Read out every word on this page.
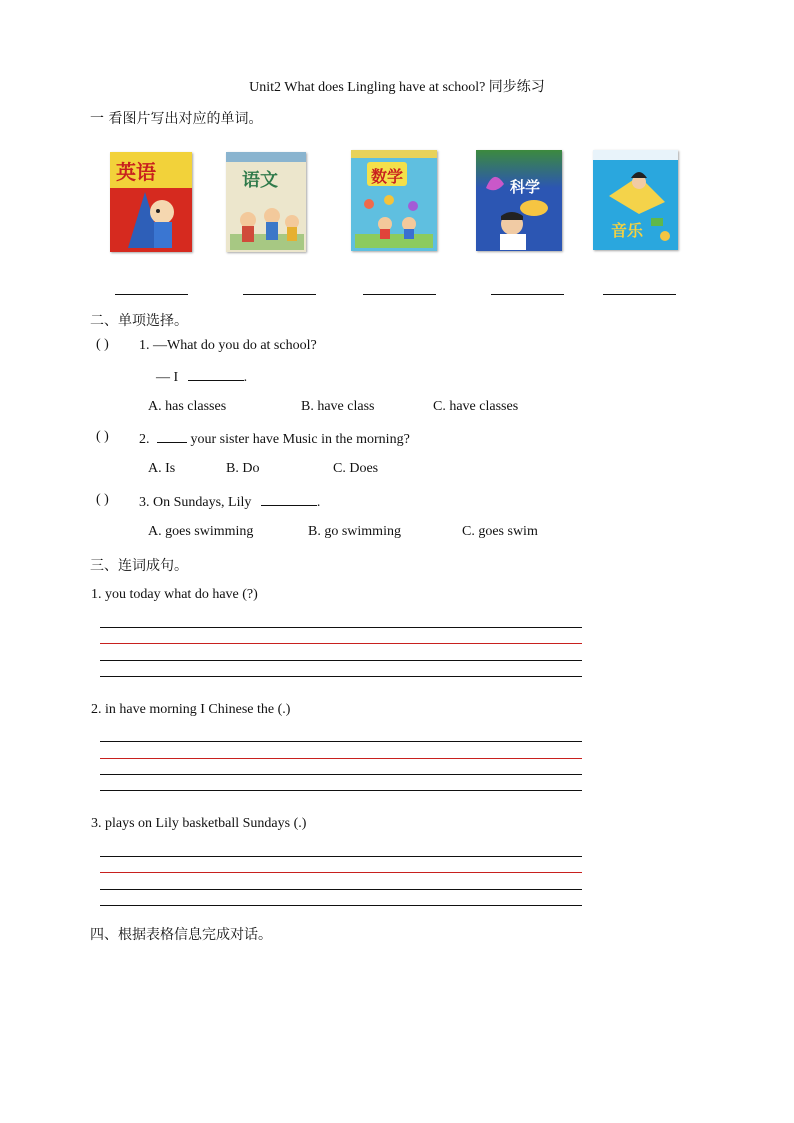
Unit2 What does Lingling have at school? 同步练习
一 看图片写出对应的单词。
英语	语文	数学
科学
音乐
二、单项选择。
( ) 1. —What do you do at school?
— I	.
A. has classes	B. have class	C. have classes
( ) 2.	your sister have Music in the morning?
A. Is	B. Do	C. Does
( ) 3. On Sundays, Lily	.
A. goes swimming	B. go swimming	C. goes swim
三、连词成句。
1. you today what do have (?)
2. in have morning I Chinese the (.)
3. plays on Lily basketball Sundays (.)
四、根据表格信息完成对话。
